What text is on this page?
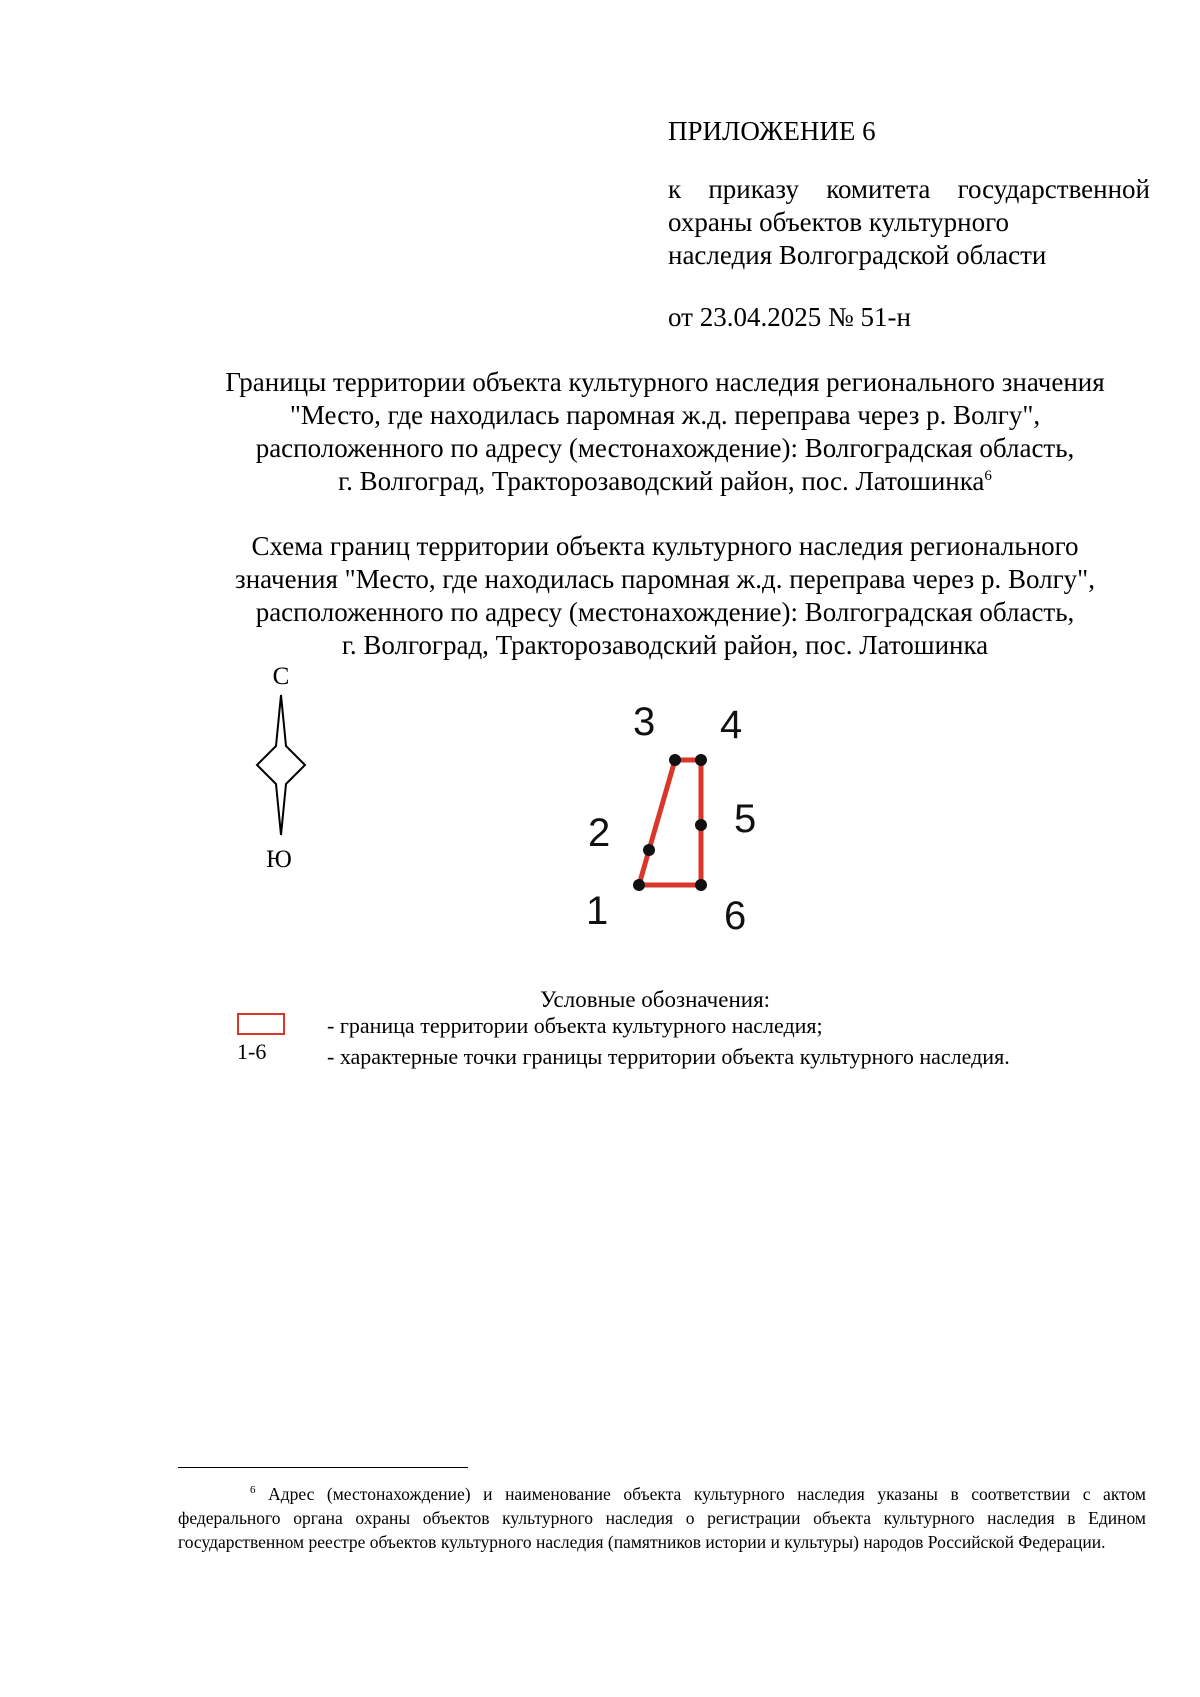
ПРИЛОЖЕНИЕ 6
к приказу комитета государственной
охраны объектов культурного
наследия Волгоградской области
от 23.04.2025 № 51-н
Границы территории объекта культурного наследия регионального значения
"Место, где находилась паромная ж.д. переправа через р. Волгу",
расположенного по адресу (местонахождение): Волгоградская область,
г. Волгоград, Тракторозаводский район, пос. Латошинка$^6$
Схема границ территории объекта культурного наследия регионального
значения "Место, где находилась паромная ж.д. переправа через р. Волгу",
расположенного по адресу (местонахождение): Волгоградская область,
г. Волгоград, Тракторозаводский район, пос. Латошинка
С
Ю
1
2
3 4
5
6
Условные обозначения:
- граница территории объекта культурного наследия;
1-6	- характерные точки границы территории объекта культурного наследия.
$^6$ Адрес (местонахождение) и наименование объекта культурного наследия указаны в соответствии с актом федерального органа охраны объектов культурного наследия о регистрации объекта культурного наследия в Едином государственном реестре объектов культурного наследия (памятников истории и культуры) народов Российской Федерации.
